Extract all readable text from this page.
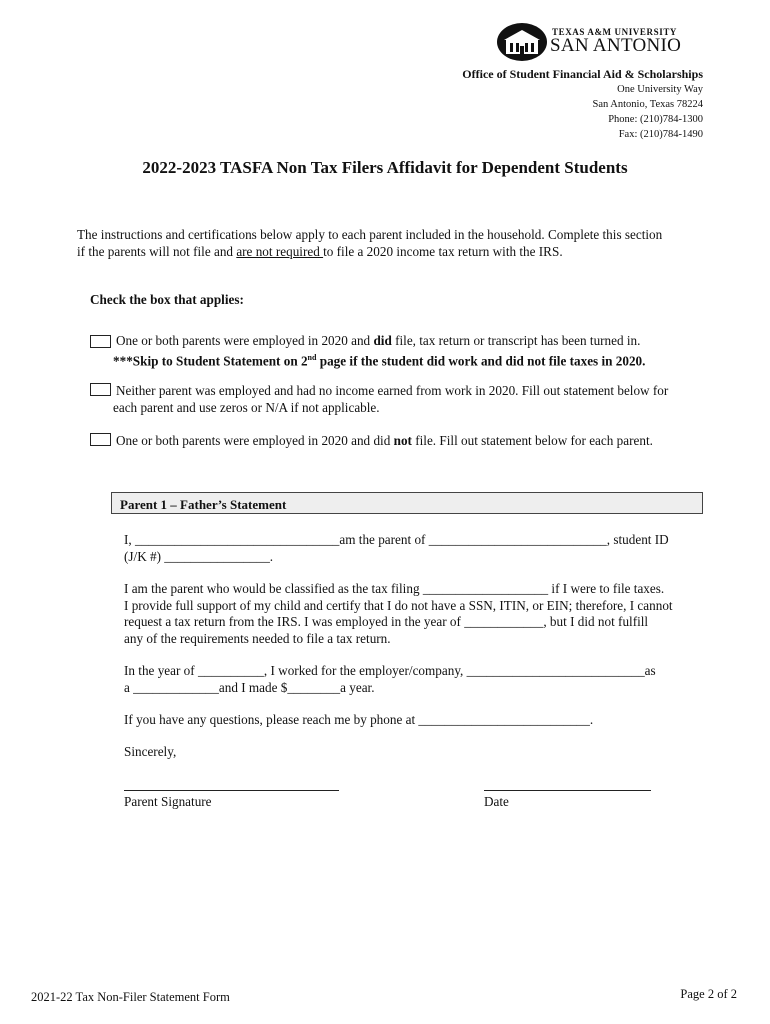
TEXAS A&M UNIVERSITY
SAN ANTONIO
Office of Student Financial Aid & Scholarships
One University Way
San Antonio, Texas 78224
Phone: (210)784-1300
Fax: (210)784-1490
2022-2023 TASFA Non Tax Filers Affidavit for Dependent Students
The instructions and certifications below apply to each parent included in the household. Complete this section
if the parents will not file and are not required to file a 2020 income tax return with the IRS.
Check the box that applies:
One or both parents were employed in 2020 and did file, tax return or transcript has been turned in.
***Skip to Student Statement on 2nd page if the student did work and did not file taxes in 2020.
Neither parent was employed and had no income earned from work in 2020. Fill out statement below for
each parent and use zeros or N/A if not applicable.
One or both parents were employed in 2020 and did not file. Fill out statement below for each parent.
Parent 1 – Father’s Statement
I, _______________________________am the parent of ___________________________, student ID
(J/K #) ________________.
I am the parent who would be classified as the tax filing ___________________ if I were to file taxes.
I provide full support of my child and certify that I do not have a SSN, ITIN, or EIN; therefore, I cannot
request a tax return from the IRS. I was employed in the year of ____________, but I did not fulfill
any of the requirements needed to file a tax return.
In the year of __________, I worked for the employer/company, ___________________________as
a _____________and I made $________a year.
If you have any questions, please reach me by phone at __________________________.
Sincerely,
Parent Signature	Date
2021-22 Tax Non-Filer Statement Form	Page 2 of 2
